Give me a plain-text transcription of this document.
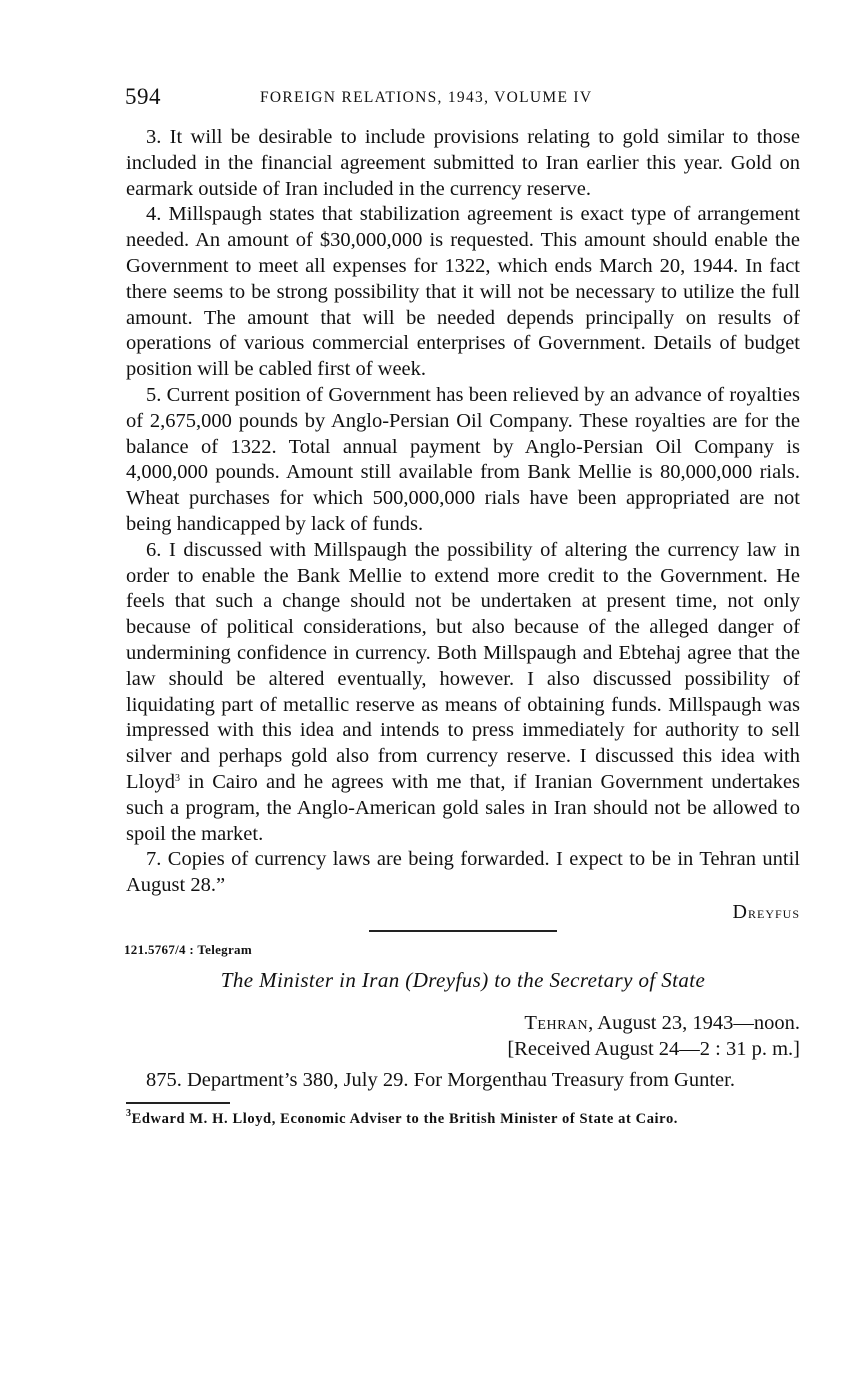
594	FOREIGN RELATIONS, 1943, VOLUME IV

3. It will be desirable to include provisions relating to gold similar to those included in the financial agreement submitted to Iran earlier this year. Gold on earmark outside of Iran included in the currency reserve.

4. Millspaugh states that stabilization agreement is exact type of arrangement needed. An amount of $30,000,000 is requested. This amount should enable the Government to meet all expenses for 1322, which ends March 20, 1944. In fact there seems to be strong possibility that it will not be necessary to utilize the full amount. The amount that will be needed depends principally on results of operations of various commercial enterprises of Government. Details of budget position will be cabled first of week.

5. Current position of Government has been relieved by an advance of royalties of 2,675,000 pounds by Anglo-Persian Oil Company. These royalties are for the balance of 1322. Total annual payment by Anglo-Persian Oil Company is 4,000,000 pounds. Amount still available from Bank Mellie is 80,000,000 rials. Wheat purchases for which 500,000,000 rials have been appropriated are not being handicapped by lack of funds.

6. I discussed with Millspaugh the possibility of altering the currency law in order to enable the Bank Mellie to extend more credit to the Government. He feels that such a change should not be undertaken at present time, not only because of political considerations, but also because of the alleged danger of undermining confidence in currency. Both Millspaugh and Ebtehaj agree that the law should be altered eventually, however. I also discussed possibility of liquidating part of metallic reserve as means of obtaining funds. Millspaugh was impressed with this idea and intends to press immediately for authority to sell silver and perhaps gold also from currency reserve. I discussed this idea with Lloyd$^3$ in Cairo and he agrees with me that, if Iranian Government undertakes such a program, the Anglo-American gold sales in Iran should not be allowed to spoil the market.

7. Copies of currency laws are being forwarded. I expect to be in Tehran until August 28.”

Dreyfus
121.5767/4 : Telegram
The Minister in Iran (Dreyfus) to the Secretary of State
Tehran, August 23, 1943—noon.
[Received August 24—2 : 31 p. m.]

875. Department’s 380, July 29. For Morgenthau Treasury from Gunter.

$^3$Edward M. H. Lloyd, Economic Adviser to the British Minister of State at Cairo.
